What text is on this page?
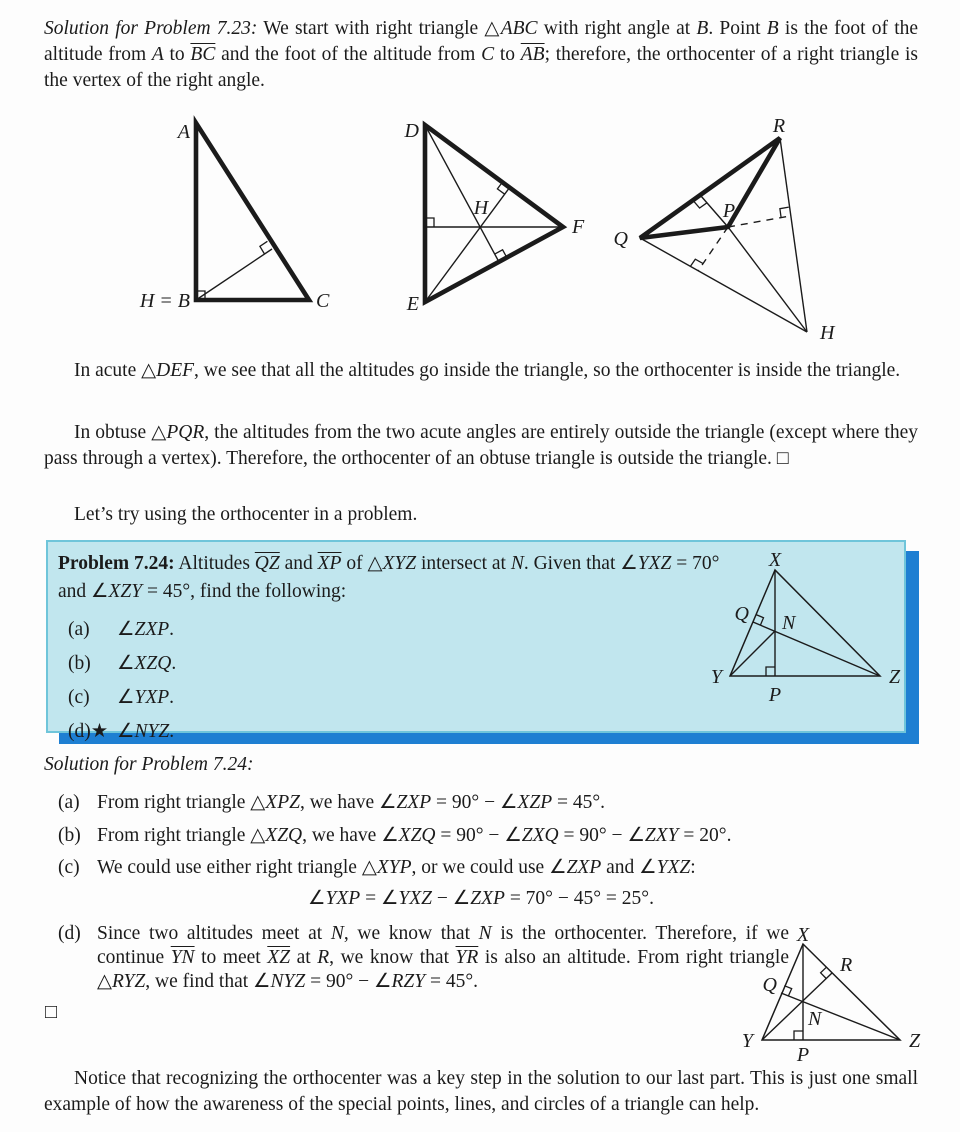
Solution for Problem 7.23: We start with right triangle △ABC with right angle at B. Point B is the foot of the altitude from A to $\overline{BC}$ and the foot of the altitude from C to $\overline{AB}$; therefore, the orthocenter of a right triangle is the vertex of the right angle.
In acute △DEF, we see that all the altitudes go inside the triangle, so the orthocenter is inside the triangle.
In obtuse △PQR, the altitudes from the two acute angles are entirely outside the triangle (except where they pass through a vertex). Therefore, the orthocenter of an obtuse triangle is outside the triangle. □
Let’s try using the orthocenter in a problem.
Problem 7.24: Altitudes $\overline{QZ}$ and $\overline{XP}$ of △XYZ intersect at N. Given that ∠YXZ = 70° and ∠XZY = 45°, find the following:
(a) ∠ZXP.
(b) ∠XZQ.
(c) ∠YXP.
(d)★ ∠NYZ.
Solution for Problem 7.24:
(a) From right triangle △XPZ, we have ∠ZXP = 90° − ∠XZP = 45°.
(b) From right triangle △XZQ, we have ∠XZQ = 90° − ∠ZXQ = 90° − ∠ZXY = 20°.
(c) We could use either right triangle △XYP, or we could use ∠ZXP and ∠YXZ:
∠YXP = ∠YXZ − ∠ZXP = 70° − 45° = 25°.
(d) Since two altitudes meet at N, we know that N is the orthocenter. Therefore, if we continue $\overline{YN}$ to meet $\overline{XZ}$ at R, we know that $\overline{YR}$ is also an altitude. From right triangle △RYZ, we find that ∠NYZ = 90° − ∠RZY = 45°.
□
Notice that recognizing the orthocenter was a key step in the solution to our last part. This is just one small example of how the awareness of the special points, lines, and circles of a triangle can help.
A
H = B	C
D
E
F
H
R
Q
P
H
X
Q N
Y
P
Z
X
R
Q
N
Y
P
Z
